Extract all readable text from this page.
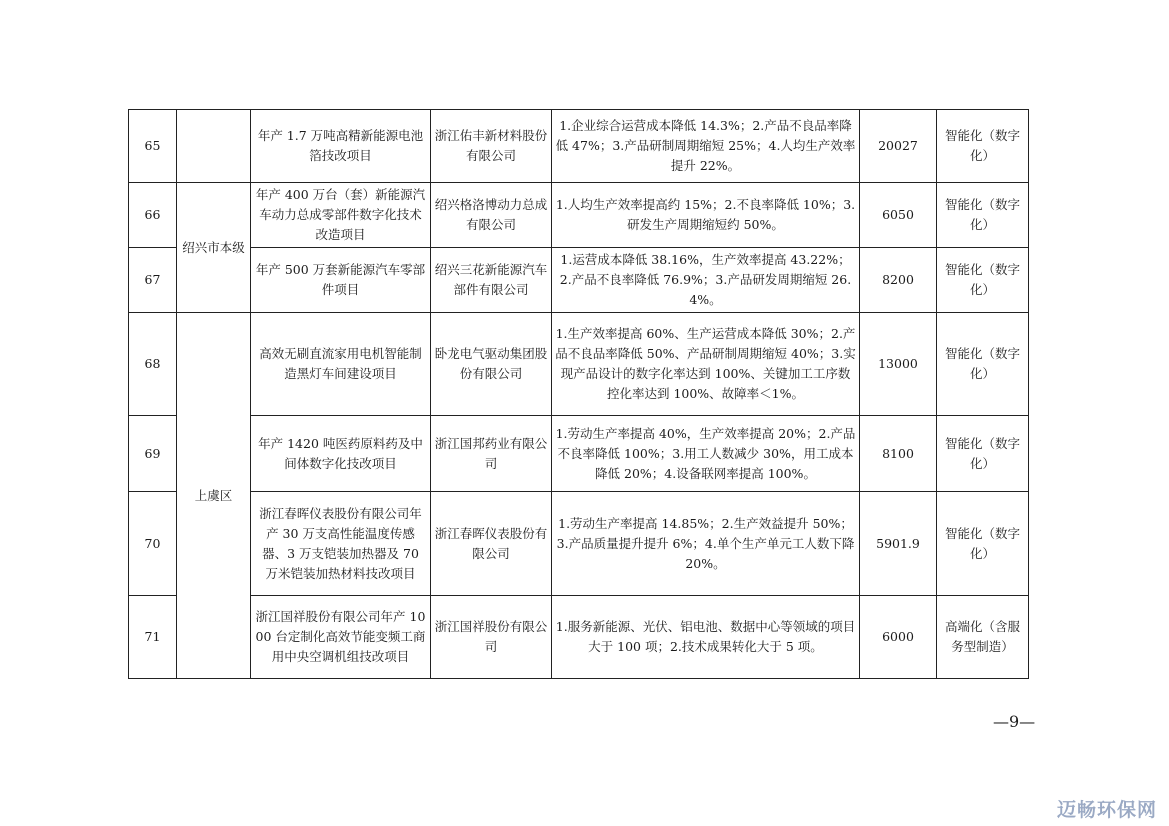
65		年产 1.7 万吨高精新能源电池箔技改项目	浙江佑丰新材料股份有限公司	1.企业综合运营成本降低 14.3%；2.产品不良品率降低 47%；3.产品研制周期缩短 25%；4.人均生产效率提升 22%。	20027	智能化（数字化）
66	绍兴市本级	年产 400 万台（套）新能源汽车动力总成零部件数字化技术改造项目	绍兴格洛博动力总成有限公司	1.人均生产效率提高约 15%；2.不良率降低 10%；3.研发生产周期缩短约 50%。	6050	智能化（数字化）
67		年产 500 万套新能源汽车零部件项目	绍兴三花新能源汽车部件有限公司	1.运营成本降低 38.16%，生产效率提高 43.22%；2.产品不良率降低 76.9%；3.产品研发周期缩短 26.4%。	8200	智能化（数字化）
68	上虞区	高效无刷直流家用电机智能制造黑灯车间建设项目	卧龙电气驱动集团股份有限公司	1.生产效率提高 60%、生产运营成本降低 30%；2.产品不良品率降低 50%、产品研制周期缩短 40%；3.实现产品设计的数字化率达到 100%、关键加工工序数控化率达到 100%、故障率＜1%。	13000	智能化（数字化）
69		年产 1420 吨医药原料药及中间体数字化技改项目	浙江国邦药业有限公司	1.劳动生产率提高 40%，生产效率提高 20%；2.产品不良率降低 100%；3.用工人数减少 30%，用工成本降低 20%；4.设备联网率提高 100%。	8100	智能化（数字化）
70		浙江春晖仪表股份有限公司年产 30 万支高性能温度传感器、3 万支铠装加热器及 70 万米铠装加热材料技改项目	浙江春晖仪表股份有限公司	1.劳动生产率提高 14.85%；2.生产效益提升 50%；3.产品质量提升提升 6%；4.单个生产单元工人数下降 20%。	5901.9	智能化（数字化）
71		浙江国祥股份有限公司年产 1000 台定制化高效节能变频工商用中央空调机组技改项目	浙江国祥股份有限公司	1.服务新能源、光伏、铝电池、数据中心等领域的项目大于 100 项；2.技术成果转化大于 5 项。	6000	高端化（含服务型制造）
—9—
迈畅环保网
